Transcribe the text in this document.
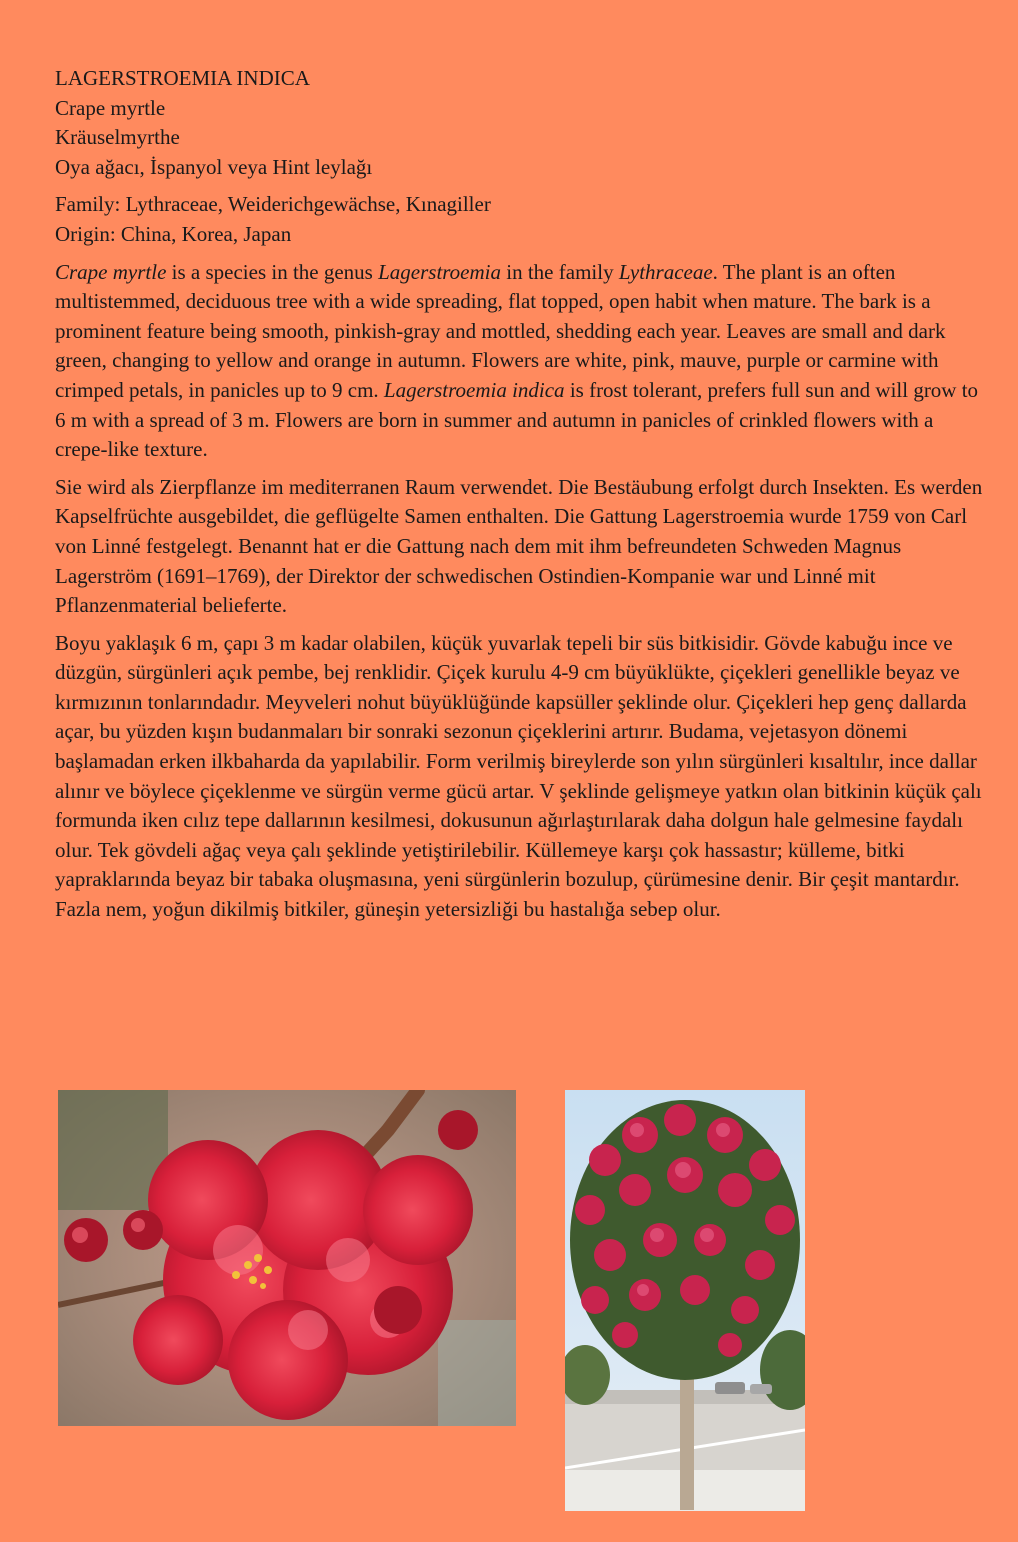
LAGERSTROEMIA INDICA
Crape myrtle
Kräuselmyrthe
Oya ağacı, İspanyol veya Hint leylağı

Family: Lythraceae, Weiderichgewächse, Kınagiller
Origin: China, Korea, Japan

Crape myrtle is a species in the genus Lagerstroemia in the family Lythraceae. The plant is an often multistemmed, deciduous tree with a wide spreading, flat topped, open habit when mature. The bark is a prominent feature being smooth, pinkish-gray and mottled, shedding each year. Leaves are small and dark green, changing to yellow and orange in autumn. Flowers are white, pink, mauve, purple or carmine with crimped petals, in panicles up to 9 cm. Lagerstroemia indica is frost tolerant, prefers full sun and will grow to 6 m with a spread of 3 m. Flowers are born in summer and autumn in panicles of crinkled flowers with a crepe-like texture.

Sie wird als Zierpflanze im mediterranen Raum verwendet. Die Bestäubung erfolgt durch Insekten. Es werden Kapselfrüchte ausgebildet, die geflügelte Samen enthalten. Die Gattung Lagerstroemia wurde 1759 von Carl von Linné festgelegt. Benannt hat er die Gattung nach dem mit ihm befreundeten Schweden Magnus Lagerström (1691–1769), der Direktor der schwedischen Ostindien-Kompanie war und Linné mit Pflanzenmaterial belieferte.

Boyu yaklaşık 6 m, çapı 3 m kadar olabilen, küçük yuvarlak tepeli bir süs bitkisidir. Gövde kabuğu ince ve düzgün, sürgünleri açık pembe, bej renklidir. Çiçek kurulu 4-9 cm büyüklükte, çiçekleri genellikle beyaz ve kırmızının tonlarındadır. Meyveleri nohut büyüklüğünde kapsüller şeklinde olur. Çiçekleri hep genç dallarda açar, bu yüzden kışın budanmaları bir sonraki sezonun çiçeklerini artırır. Budama, vejetasyon dönemi başlamadan erken ilkbaharda da yapılabilir. Form verilmiş bireylerde son yılın sürgünleri kısaltılır, ince dallar alınır ve böylece çiçeklenme ve sürgün verme gücü artar. V şeklinde gelişmeye yatkın olan bitkinin küçük çalı formunda iken cılız tepe dallarının kesilmesi, dokusunun ağırlaştırılarak daha dolgun hale gelmesine faydalı olur. Tek gövdeli ağaç veya çalı şeklinde yetiştirilebilir. Küllemeye karşı çok hassastır; külleme, bitki yapraklarında beyaz bir tabaka oluşmasına, yeni sürgünlerin bozulup, çürümesine denir. Bir çeşit mantardır. Fazla nem, yoğun dikilmiş bitkiler, güneşin yetersizliği bu hastalığa sebep olur.
